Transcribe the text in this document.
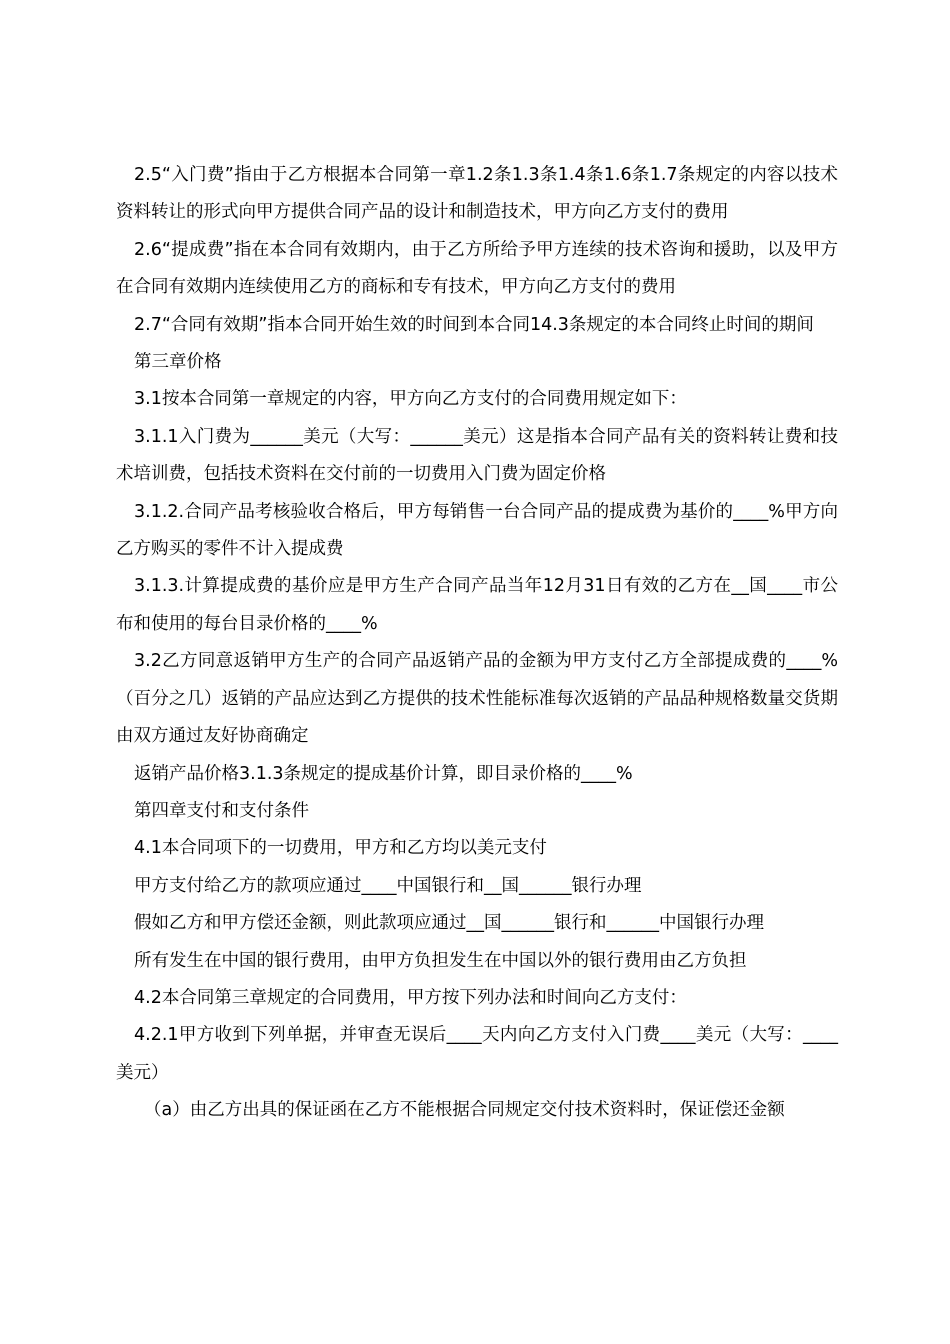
2.5“入门费”指由于乙方根据本合同第一章1.2条1.3条1.4条1.6条1.7条规定的内容以技术资料转让的形式向甲方提供合同产品的设计和制造技术，甲方向乙方支付的费用

2.6“提成费”指在本合同有效期内，由于乙方所给予甲方连续的技术咨询和援助，以及甲方在合同有效期内连续使用乙方的商标和专有技术，甲方向乙方支付的费用

2.7“合同有效期”指本合同开始生效的时间到本合同14.3条规定的本合同终止时间的期间

第三章价格

3.1按本合同第一章规定的内容，甲方向乙方支付的合同费用规定如下：

3.1.1入门费为______美元（大写：______美元）这是指本合同产品有关的资料转让费和技术培训费，包括技术资料在交付前的一切费用入门费为固定价格

3.1.2.合同产品考核验收合格后，甲方每销售一台合同产品的提成费为基价的____%甲方向乙方购买的零件不计入提成费

3.1.3.计算提成费的基价应是甲方生产合同产品当年12月31日有效的乙方在__国____市公布和使用的每台目录价格的____%

3.2乙方同意返销甲方生产的合同产品返销产品的金额为甲方支付乙方全部提成费的____%（百分之几）返销的产品应达到乙方提供的技术性能标准每次返销的产品品种规格数量交货期由双方通过友好协商确定

返销产品价格3.1.3条规定的提成基价计算，即目录价格的____%

第四章支付和支付条件

4.1本合同项下的一切费用，甲方和乙方均以美元支付

甲方支付给乙方的款项应通过____中国银行和__国______银行办理

假如乙方和甲方偿还金额，则此款项应通过__国______银行和______中国银行办理

所有发生在中国的银行费用，由甲方负担发生在中国以外的银行费用由乙方负担

4.2本合同第三章规定的合同费用，甲方按下列办法和时间向乙方支付：

4.2.1甲方收到下列单据，并审查无误后____天内向乙方支付入门费____美元（大写：____美元）

（a）由乙方出具的保证函在乙方不能根据合同规定交付技术资料时，保证偿还金额
